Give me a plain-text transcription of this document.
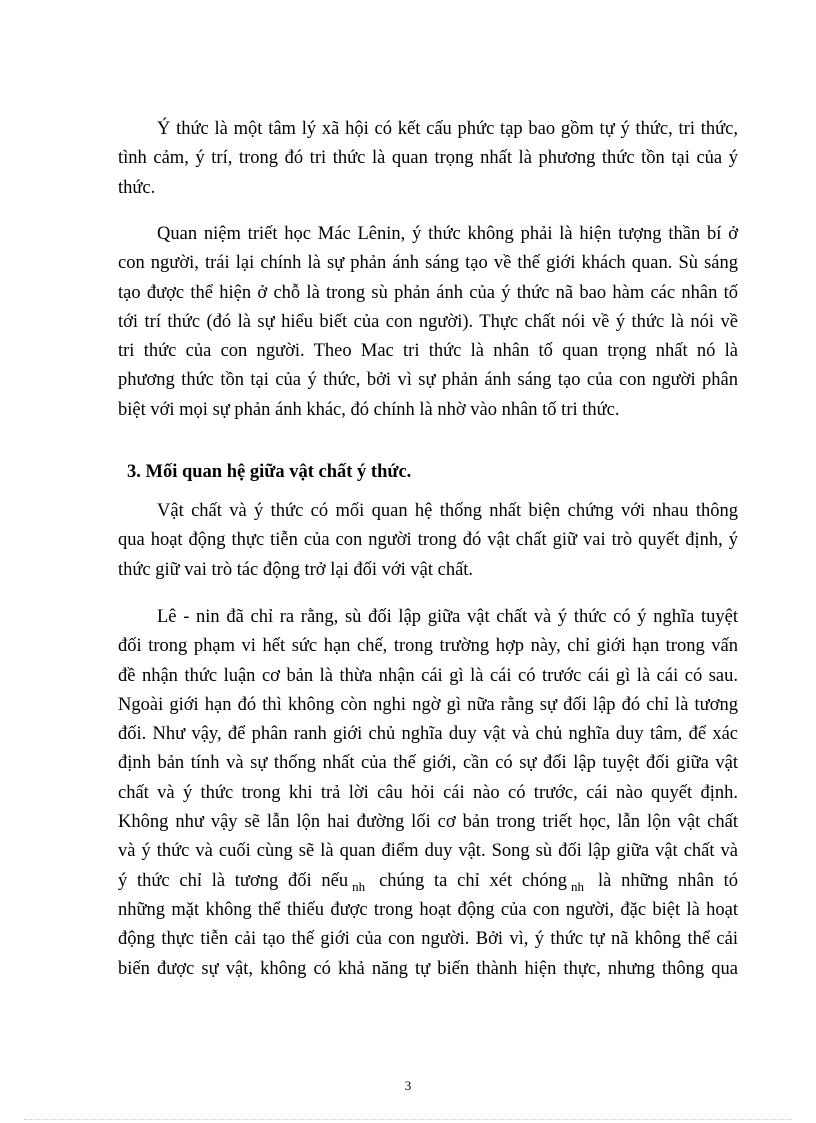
Ý thức là một tâm lý xã hội có kết cấu phức tạp bao gồm tự ý thức, tri thức,
tình cảm, ý trí, trong đó tri thức là quan trọng nhất là phương thức tồn tại của ý
thức.
Quan niệm triết học Mác Lênin, ý thức không phải là hiện tượng thần bí ở
con người, trái lại chính là sự phản ánh sáng tạo về thế giới khách quan. Sù sáng
tạo được thể hiện ở chỗ là trong sù phản ánh của ý thức nã bao hàm các nhân tố
tới trí thức (đó là sự hiểu biết của con người). Thực chất nói về ý thức là nói về
tri thức của con người. Theo Mac tri thức là nhân tố quan trọng nhất nó là
phương thức tồn tại của ý thức, bởi vì sự phản ánh sáng tạo của con người phân
biệt với mọi sự phản ánh khác, đó chính là nhờ vào nhân tố tri thức.
3. Mối quan hệ giữa vật chất ý thức.
Vật chất và ý thức có mối quan hệ thống nhất biện chứng với nhau thông
qua hoạt động thực tiễn của con người trong đó vật chất giữ vai trò quyết định, ý
thức giữ vai trò tác động trở lại đối với vật chất.
Lê - nin đã chỉ ra rằng, sù đối lập giữa vật chất và ý thức có ý nghĩa tuyệt
đối trong phạm vi hết sức hạn chế, trong trường hợp này, chỉ giới hạn trong vấn
đề nhận thức luận cơ bản là thừa nhận cái gì là cái có trước cái gì là cái có sau.
Ngoài giới hạn đó thì không còn nghi ngờ gì nữa rằng sự đối lập đó chỉ là tương
đối. Như vậy, để phân ranh giới chủ nghĩa duy vật và chủ nghĩa duy tâm, để xác
định bản tính và sự thống nhất của thế giới, cần có sự đối lập tuyệt đối giữa vật
chất và ý thức trong khi trả lời câu hỏi cái nào có trước, cái nào quyết định.
Không như vậy sẽ lẫn lộn hai đường lối cơ bản trong triết học, lẫn lộn vật chất
và ý thức và cuối cùng sẽ là quan điểm duy vật. Song sù đối lập giữa vật chất và
ý thức chỉ là tương đối nếu $_{nh}$ chúng ta chỉ xét chóng $_{nh}$ là những nhân tó
những mặt không thể thiếu được trong hoạt động của con người, đặc biệt là hoạt
động thực tiễn cải tạo thế giới của con người. Bởi vì, ý thức tự nã không thể cải
biến được sự vật, không có khả năng tự biến thành hiện thực, nhưng thông qua
3
